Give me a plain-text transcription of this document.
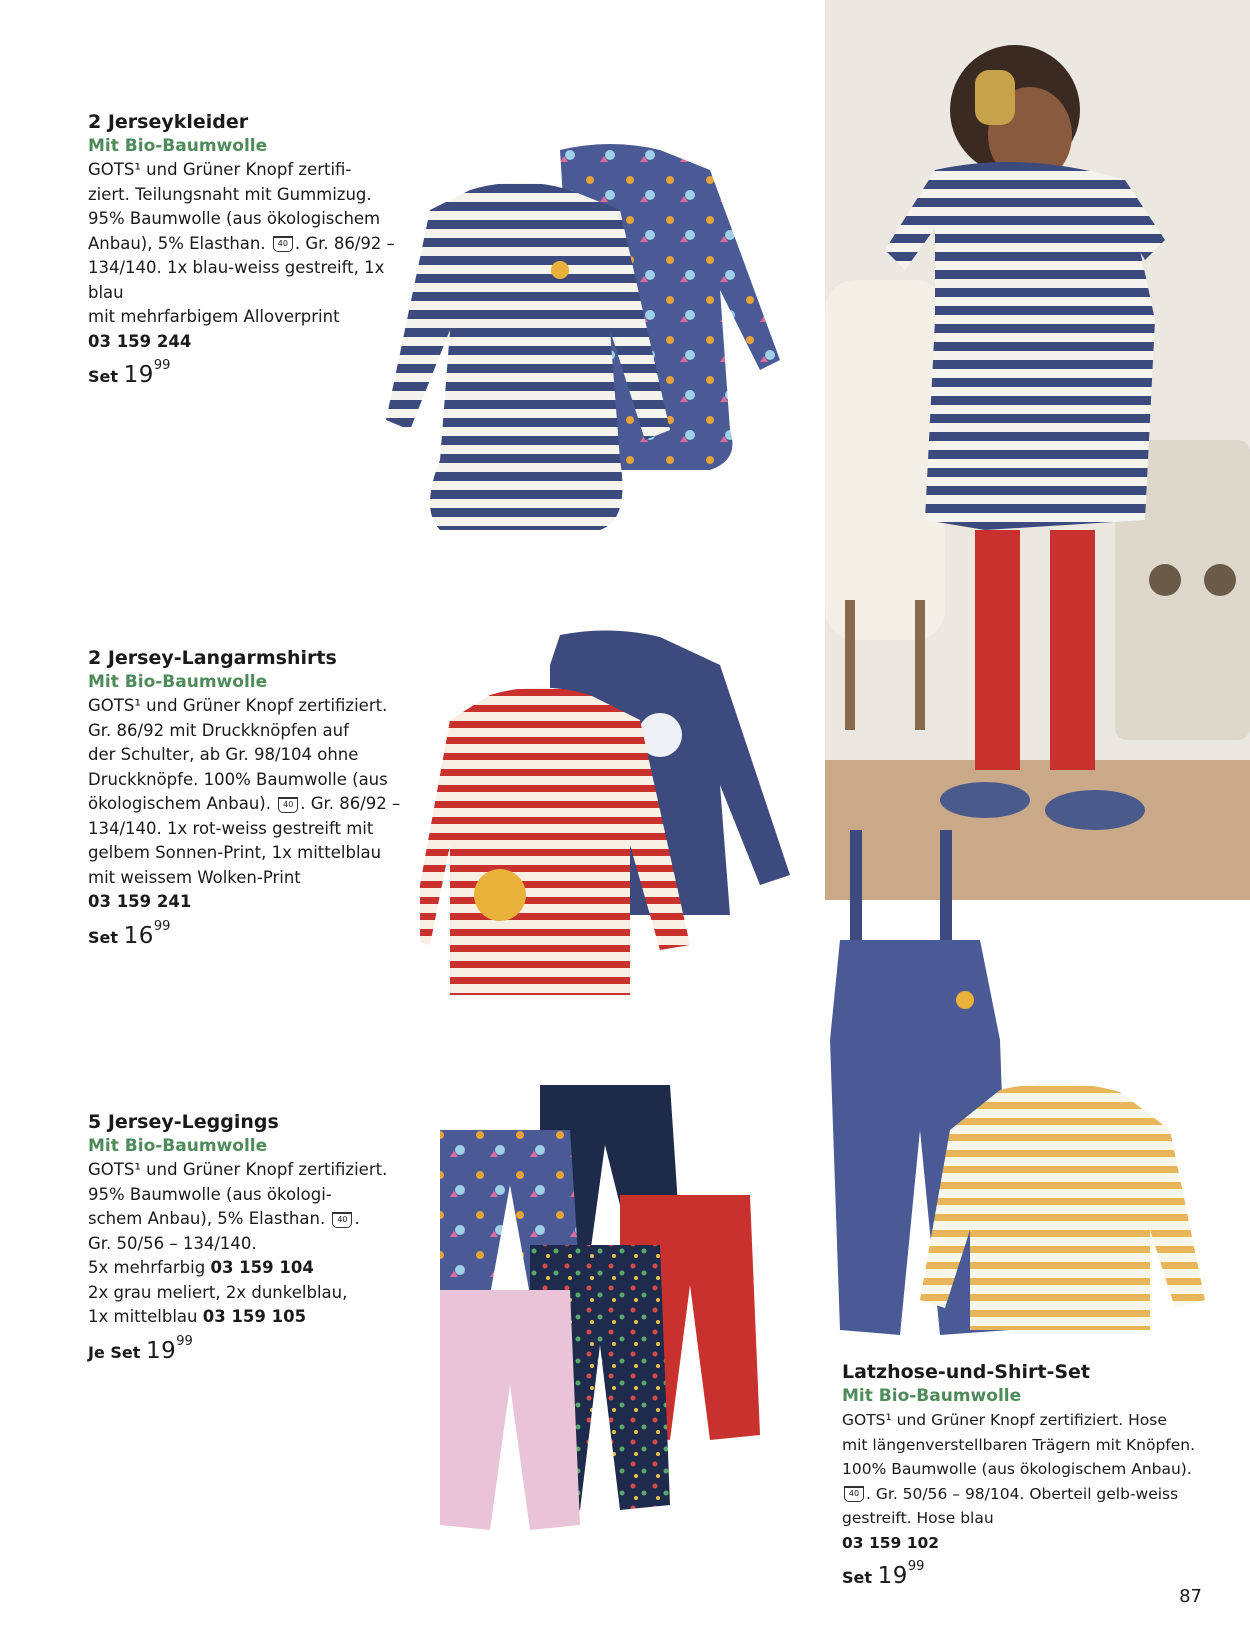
2 Jerseykleider

Mit Bio-Baumwolle

GOTS¹ und Grüner Knopf zertifi-
ziert. Teilungsnaht mit Gummizug.
95% Baumwolle (aus ökologischem
Anbau), 5% Elasthan. 40 . Gr. 86/92 –
134/140. 1x blau-weiss gestreift, 1x blau
mit mehrfarbigem Alloverprint
03 159 244

Set $19^{99}$

2 Jersey-Langarmshirts

Mit Bio-Baumwolle

GOTS¹ und Grüner Knopf zertifiziert.
Gr. 86/92 mit Druckknöpfen auf
der Schulter, ab Gr. 98/104 ohne
Druckknöpfe. 100% Baumwolle (aus
ökologischem Anbau). 40 . Gr. 86/92 –
134/140. 1x rot-weiss gestreift mit
gelbem Sonnen-Print, 1x mittelblau
mit weissem Wolken-Print
03 159 241

Set $16^{99}$

5 Jersey-Leggings

Mit Bio-Baumwolle

GOTS¹ und Grüner Knopf zertifiziert.
95% Baumwolle (aus ökologi-
schem Anbau), 5% Elasthan. 40 .
Gr. 50/56 – 134/140.
5x mehrfarbig 03 159 104
2x grau meliert, 2x dunkelblau,
1x mittelblau 03 159 105

Je Set $19^{99}$

Latzhose-und-Shirt-Set

Mit Bio-Baumwolle

GOTS¹ und Grüner Knopf zertifiziert. Hose
mit längenverstellbaren Trägern mit Knöpfen.
100% Baumwolle (aus ökologischem Anbau).
40 . Gr. 50/56 – 98/104. Oberteil gelb-weiss
gestreift. Hose blau
03 159 102

Set $19^{99}$
87
